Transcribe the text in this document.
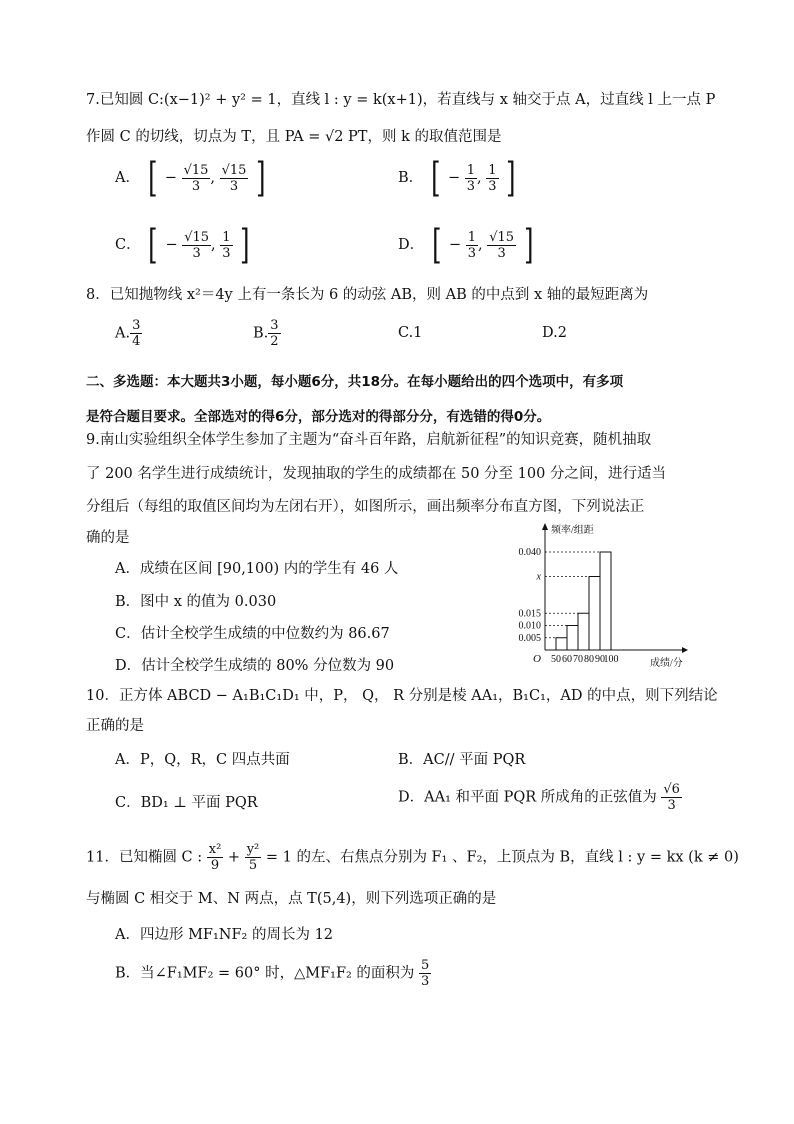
7.已知圆 C:(x−1)² + y² = 1，直线 l : y = k(x+1)，若直线与 x 轴交于点 A，过直线 l 上一点 P
作圆 C 的切线，切点为 T，且 PA = √2 PT，则 k 的取值范围是
A． [ − $\frac{√15}{3}$ , $\frac{√15}{3}$ ]	B． [ − $\frac{1}{3}$ , $\frac{1}{3}$ ]
C． [ − $\frac{√15}{3}$ , $\frac{1}{3}$ ]	D． [ − $\frac{1}{3}$ , $\frac{√15}{3}$ ]
8．已知抛物线 x²＝4y 上有一条长为 6 的动弦 AB，则 AB 的中点到 x 轴的最短距离为
A. $\frac{3}{4}$	B. $\frac{3}{2}$	C.1	D.2
二、多选题：本大题共3小题，每小题6分，共18分。在每小题给出的四个选项中，有多项
是符合题目要求。全部选对的得6分，部分选对的得部分分，有选错的得0分。
9.南山实验组织全体学生参加了主题为“奋斗百年路，启航新征程”的知识竞赛，随机抽取
了 200 名学生进行成绩统计，发现抽取的学生的成绩都在 50 分至 100 分之间，进行适当
分组后（每组的取值区间均为左闭右开），如图所示，画出频率分布直方图，下列说法正
确的是
A．成绩在区间 [90,100) 内的学生有 46 人
B．图中 x 的值为 0.030
C．估计全校学生成绩的中位数约为 86.67
D．估计全校学生成绩的 80% 分位数为 90
频率/组距
成绩/分
O
0.005
0.010
0.015
x
0.040
50 60 70 80 90
100
10．正方体 ABCD − A₁B₁C₁D₁ 中，P， Q， R 分别是棱 AA₁，B₁C₁，AD 的中点，则下列结论
正确的是
A．P，Q，R，C 四点共面	B．AC// 平面 PQR
C．BD₁ ⊥ 平面 PQR	D．AA₁ 和平面 PQR 所成角的正弦值为 $\frac{√6}{3}$
11．已知椭圆 C : $\frac{\text{x²}}{9} + \frac{\text{y²}}{5} = 1$ 的左、右焦点分别为 F₁ 、F₂，上顶点为 B，直线 l : y = kx (k ≠ 0)
与椭圆 C 相交于 M、N 两点，点 T(5,4)，则下列选项正确的是
A．四边形 MF₁NF₂ 的周长为 12
B．当∠F₁MF₂ = 60° 时，△MF₁F₂ 的面积为 $\frac{5}{3}$
